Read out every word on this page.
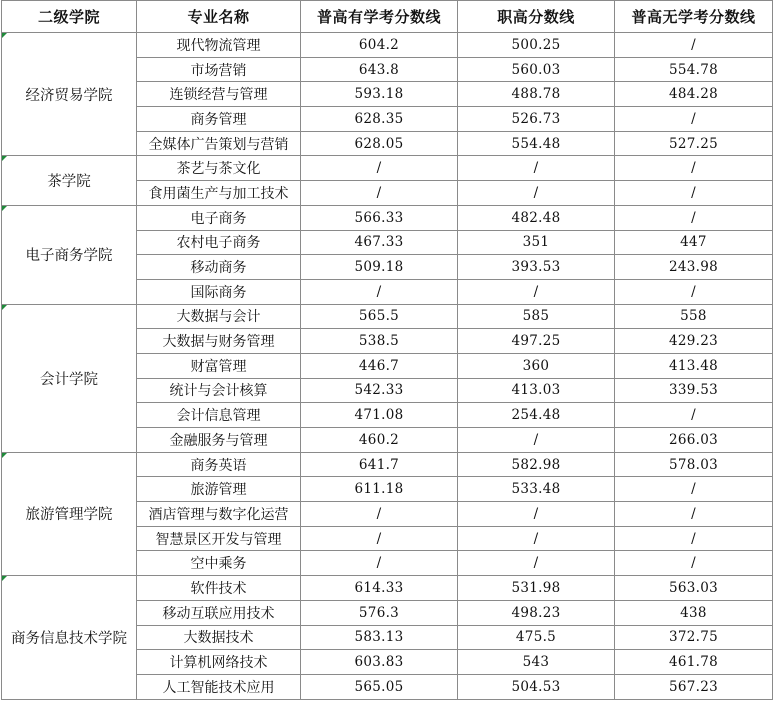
二级学院	专业名称	普高有学考分数线	职高分数线	普高无学考分数线

经济贸易学院	现代物流管理	604.2	500.25	/
	市场营销	643.8	560.03	554.78
	连锁经营与管理	593.18	488.78	484.28
	商务管理	628.35	526.73	/
	全媒体广告策划与营销	628.05	554.48	527.25

茶学院	茶艺与茶文化	/	/	/
	食用菌生产与加工技术	/	/	/

电子商务学院	电子商务	566.33	482.48	/
	农村电子商务	467.33	351	447
	移动商务	509.18	393.53	243.98
	国际商务	/	/	/

会计学院	大数据与会计	565.5	585	558
	大数据与财务管理	538.5	497.25	429.23
	财富管理	446.7	360	413.48
	统计与会计核算	542.33	413.03	339.53
	会计信息管理	471.08	254.48	/
	金融服务与管理	460.2	/	266.03

旅游管理学院	商务英语	641.7	582.98	578.03
	旅游管理	611.18	533.48	/
	酒店管理与数字化运营	/	/	/
	智慧景区开发与管理	/	/	/
	空中乘务	/	/	/

商务信息技术学院	软件技术	614.33	531.98	563.03
	移动互联应用技术	576.3	498.23	438
	大数据技术	583.13	475.5	372.75
	计算机网络技术	603.83	543	461.78
	人工智能技术应用	565.05	504.53	567.23
